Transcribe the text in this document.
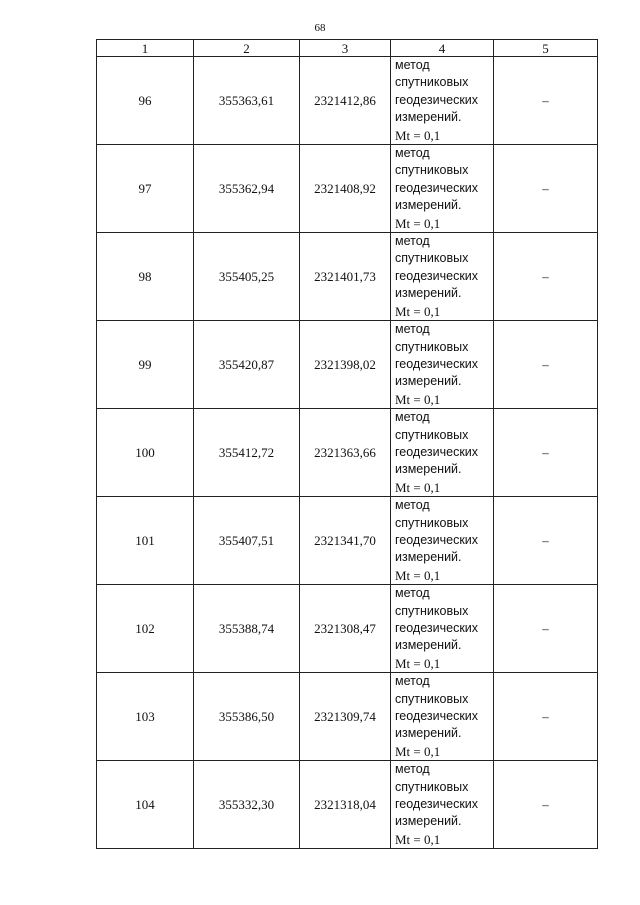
68
1	2	3	4	5
96	355363,61	2321412,86	метод
спутниковых
геодезических
измерений.
Mt = 0,1	–
97	355362,94	2321408,92	метод
спутниковых
геодезических
измерений.
Mt = 0,1	–
98	355405,25	2321401,73	метод
спутниковых
геодезических
измерений.
Mt = 0,1	–
99	355420,87	2321398,02	метод
спутниковых
геодезических
измерений.
Mt = 0,1	–
100	355412,72	2321363,66	метод
спутниковых
геодезических
измерений.
Mt = 0,1	–
101	355407,51	2321341,70	метод
спутниковых
геодезических
измерений.
Mt = 0,1	–
102	355388,74	2321308,47	метод
спутниковых
геодезических
измерений.
Mt = 0,1	–
103	355386,50	2321309,74	метод
спутниковых
геодезических
измерений.
Mt = 0,1	–
104	355332,30	2321318,04	метод
спутниковых
геодезических
измерений.
Mt = 0,1	–
